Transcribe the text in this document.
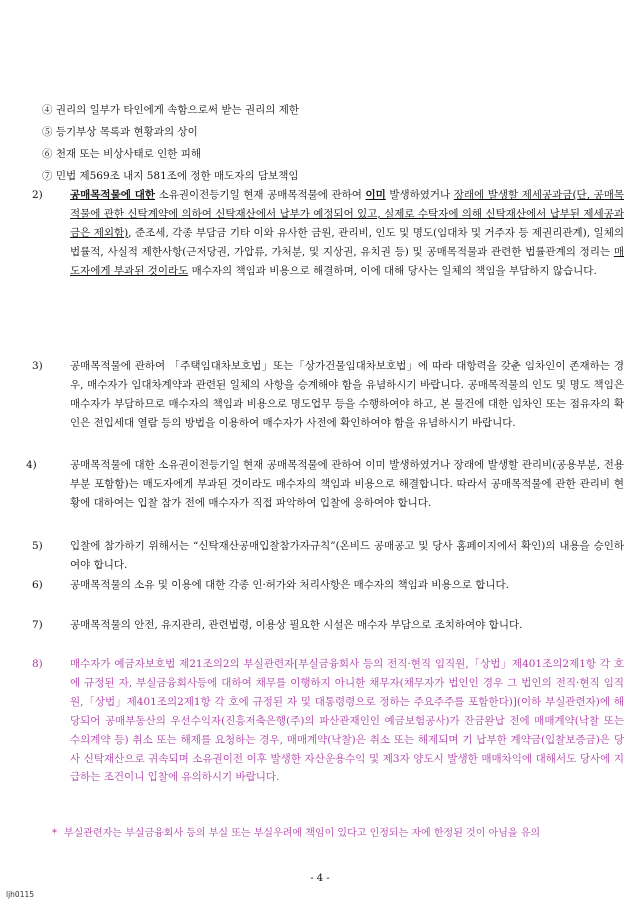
④ 권리의 일부가 타인에게 속함으로써 받는 권리의 제한
⑤ 등기부상 목록과 현황과의 상이
⑥ 천재 또는 비상사태로 인한 피해
⑦ 민법 제569조 내지 581조에 정한 매도자의 담보책임
2)	공매목적물에 대한 소유권이전등기일 현재 공매목적물에 관하여 이미 발생하였거나 장래에 발생할 제세공과금(단, 공매목적물에 관한 신탁계약에 의하여 신탁재산에서 납부가 예정되어 있고, 실제로 수탁자에 의해 신탁재산에서 납부된 제세공과금은 제외함), 준조세, 각종 부담금 기타 이와 유사한 금원, 관리비, 인도 및 명도(임대차 및 거주자 등 제권리관계), 일체의 법률적, 사실적 제한사항(근저당권, 가압류, 가처분, 및 지상권, 유치권 등) 및 공매목적물과 관련한 법률관계의 정리는 매도자에게 부과된 것이라도 매수자의 책임과 비용으로 해결하며, 이에 대해 당사는 일체의 책임을 부담하지 않습니다.
3)	공매목적물에 관하여 「주택임대차보호법」또는「상가건물임대차보호법」에 따라 대항력을 갖춘 임차인이 존재하는 경우, 매수자가 임대차계약과 관련된 일체의 사항을 승계해야 함을 유념하시기 바랍니다. 공매목적물의 인도 및 명도 책임은 매수자가 부담하므로 매수자의 책임과 비용으로 명도업무 등을 수행하여야 하고, 본 물건에 대한 임차인 또는 점유자의 확인은 전입세대 열람 등의 방법을 이용하여 매수자가 사전에 확인하여야 함을 유념하시기 바랍니다.
4)	공매목적물에 대한 소유권이전등기일 현재 공매목적물에 관하여 이미 발생하였거나 장래에 발생할 관리비(공용부분, 전용부분 포함함)는 매도자에게 부과된 것이라도 매수자의 책임과 비용으로 해결합니다. 따라서 공매목적물에 관한 관리비 현황에 대하여는 입찰 참가 전에 매수자가 직접 파악하여 입찰에 응하여야 합니다.
5)	입찰에 참가하기 위해서는 “신탁재산공매입찰참가자규칙”(온비드 공매공고 및 당사 홈페이지에서 확인)의 내용을 승인하여야 합니다.
6)	공매목적물의 소유 및 이용에 대한 각종 인·허가와 처리사항은 매수자의 책임과 비용으로 합니다.
7)	공매목적물의 안전, 유지관리, 관련법령, 이용상 필요한 시설은 매수자 부담으로 조치하여야 합니다.
8)	매수자가 예금자보호법 제21조의2의 부실관련자[부실금융회사 등의 전직·현직 임직원,「상법」제401조의2제1항 각 호에 규정된 자, 부실금융회사등에 대하여 채무를 이행하지 아니한 채무자(채무자가 법인인 경우 그 법인의 전직·현직 임직원,「상법」제401조의2제1항 각 호에 규정된 자 및 대통령령으로 정하는 주요주주를 포함한다)](이하 부실관련자)에 해당되어 공매부동산의 우선수익자(진흥저축은행(주)의 파산관재인인 예금보험공사)가 잔금완납 전에 매매계약(낙찰 또는 수의계약 등) 취소 또는 해제를 요청하는 경우, 매매계약(낙찰)은 취소 또는 해제되며 기 납부한 계약금(입찰보증금)은 당사 신탁재산으로 귀속되며 소유권이전 이후 발생한 자산운용수익 및 제3자 양도시 발생한 매매차익에 대해서도 당사에 지급하는 조건이니 입찰에 유의하시기 바랍니다.
* 부실관련자는 부실금융회사 등의 부실 또는 부실우려에 책임이 있다고 인정되는 자에 한정된 것이 아님을 유의
- 4 -
ljh0115
